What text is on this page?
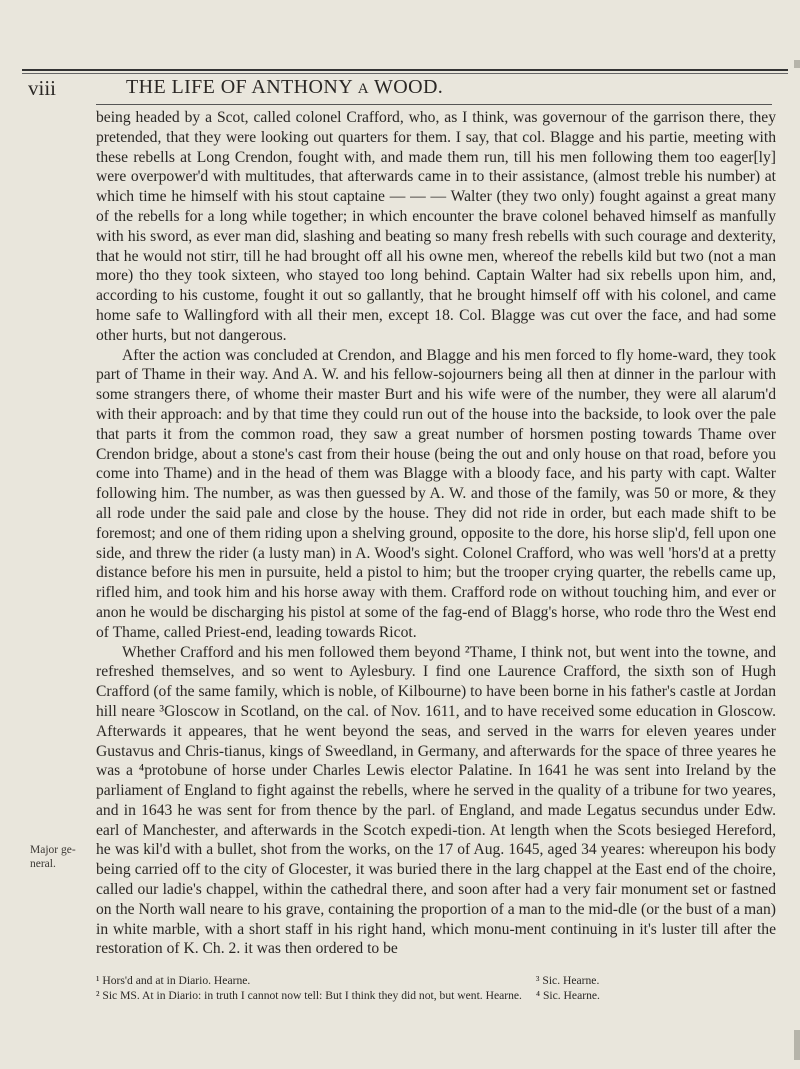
viii	THE LIFE OF ANTHONY A WOOD.

being headed by a Scot, called colonel Crafford, who, as I think, was governour of the garrison there, they pretended, that they were looking out quarters for them. I say, that col. Blagge and his partie, meeting with these rebells at Long Crendon, fought with, and made them run, till his men following them too eager[ly] were overpower'd with multitudes, that afterwards came in to their assistance, (almost treble his number) at which time he himself with his stout captaine — — — Walter (they two only) fought against a great many of the rebells for a long while together; in which encounter the brave colonel behaved himself as manfully with his sword, as ever man did, slashing and beating so many fresh rebells with such courage and dexterity, that he would not stirr, till he had brought off all his owne men, whereof the rebells kild but two (not a man more) tho they took sixteen, who stayed too long behind. Captain Walter had six rebells upon him, and, according to his custome, fought it out so gallantly, that he brought himself off with his colonel, and came home safe to Wallingford with all their men, except 18. Col. Blagge was cut over the face, and had some other hurts, but not dangerous.

After the action was concluded at Crendon, and Blagge and his men forced to fly home-ward, they took part of Thame in their way. And A. W. and his fellow-sojourners being all then at dinner in the parlour with some strangers there, of whome their master Burt and his wife were of the number, they were all alarum'd with their approach: and by that time they could run out of the house into the backside, to look over the pale that parts it from the common road, they saw a great number of horsmen posting towards Thame over Crendon bridge, about a stone's cast from their house (being the out and only house on that road, before you come into Thame) and in the head of them was Blagge with a bloody face, and his party with capt. Walter following him. The number, as was then guessed by A. W. and those of the family, was 50 or more, & they all rode under the said pale and close by the house. They did not ride in order, but each made shift to be foremost; and one of them riding upon a shelving ground, opposite to the dore, his horse slip'd, fell upon one side, and threw the rider (a lusty man) in A. Wood's sight. Colonel Crafford, who was well 'hors'd at a pretty distance before his men in pursuite, held a pistol to him; but the trooper crying quarter, the rebells came up, rifled him, and took him and his horse away with them. Crafford rode on without touching him, and ever or anon he would be discharging his pistol at some of the fag-end of Blagg's horse, who rode thro the West end of Thame, called Priest-end, leading towards Ricot.

Whether Crafford and his men followed them beyond ²Thame, I think not, but went into the towne, and refreshed themselves, and so went to Aylesbury. I find one Laurence Crafford, the sixth son of Hugh Crafford (of the same family, which is noble, of Kilbourne) to have been borne in his father's castle at Jordan hill neare ³Gloscow in Scotland, on the cal. of Nov. 1611, and to have received some education in Gloscow. Afterwards it appeares, that he went beyond the seas, and served in the warrs for eleven yeares under Gustavus and Chris-tianus, kings of Sweedland, in Germany, and afterwards for the space of three yeares he was a ⁴protobune of horse under Charles Lewis elector Palatine. In 1641 he was sent into Ireland by the parliament of England to fight against the rebells, where he served in the quality of a tribune for two yeares, and in 1643 he was sent for from thence by the parl. of England, and made Legatus secundus under Edw. earl of Manchester, and afterwards in the Scotch expedi-tion. At length when the Scots besieged Hereford, he was kil'd with a bullet, shot from the works, on the 17 of Aug. 1645, aged 34 yeares: whereupon his body being carried off to the city of Glocester, it was buried there in the larg chappel at the East end of the choire, called our ladie's chappel, within the cathedral there, and soon after had a very fair monument set or fastned on the North wall neare to his grave, containing the proportion of a man to the mid-dle (or the bust of a man) in white marble, with a short staff in his right hand, which monu-ment continuing in it's luster till after the restoration of K. Ch. 2. it was then ordered to be

Major ge-neral.
¹ Hors'd and at in Diario. Hearne.	³ Sic. Hearne.
² Sic MS. At in Diario: in truth I cannot now tell: But I think they did not, but went. Hearne.	⁴ Sic. Hearne.
